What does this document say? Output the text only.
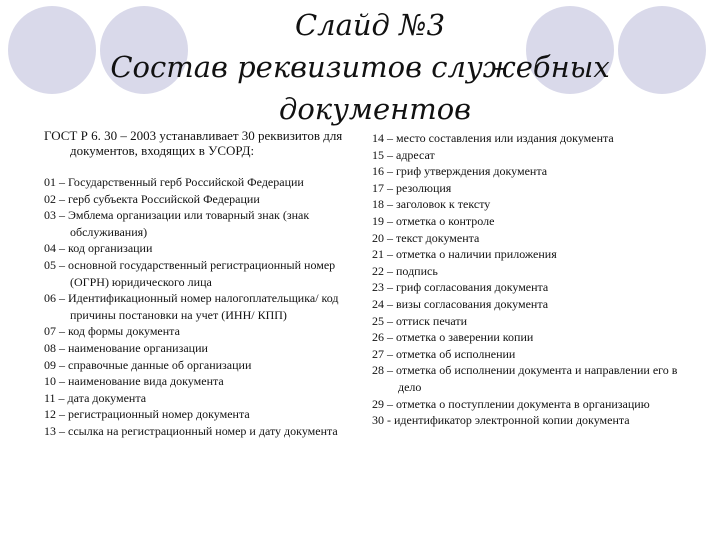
Слайд №3
Состав реквизитов служебных
документов
ГОСТ Р 6. 30 – 2003 устанавливает 30 реквизитов для документов, входящих в УСОРД:
01 – Государственный герб Российской Федерации
02 – герб субъекта Российской Федерации
03 – Эмблема организации или товарный знак (знак обслуживания)
04 – код организации
05 – основной государственный регистрационный номер (ОГРН) юридического лица
06 – Идентификационный номер налогоплательщика/ код причины постановки на учет (ИНН/ КПП)
07 – код формы документа
08 – наименование организации
09 – справочные данные об организации
10 – наименование вида документа
11 – дата документа
12 – регистрационный номер документа
13 – ссылка на регистрационный номер и дату документа
14 – место составления или издания документа
15 – адресат
16 – гриф утверждения документа
17 – резолюция
18 – заголовок к тексту
19 – отметка о контроле
20 – текст документа
21 – отметка о наличии приложения
22 – подпись
23 – гриф согласования документа
24 – визы согласования документа
25 – оттиск печати
26 – отметка о заверении копии
27 – отметка об исполнении
28 – отметка об исполнении документа и направлении его в дело
29 – отметка о поступлении документа в организацию
30 - идентификатор электронной копии документа
